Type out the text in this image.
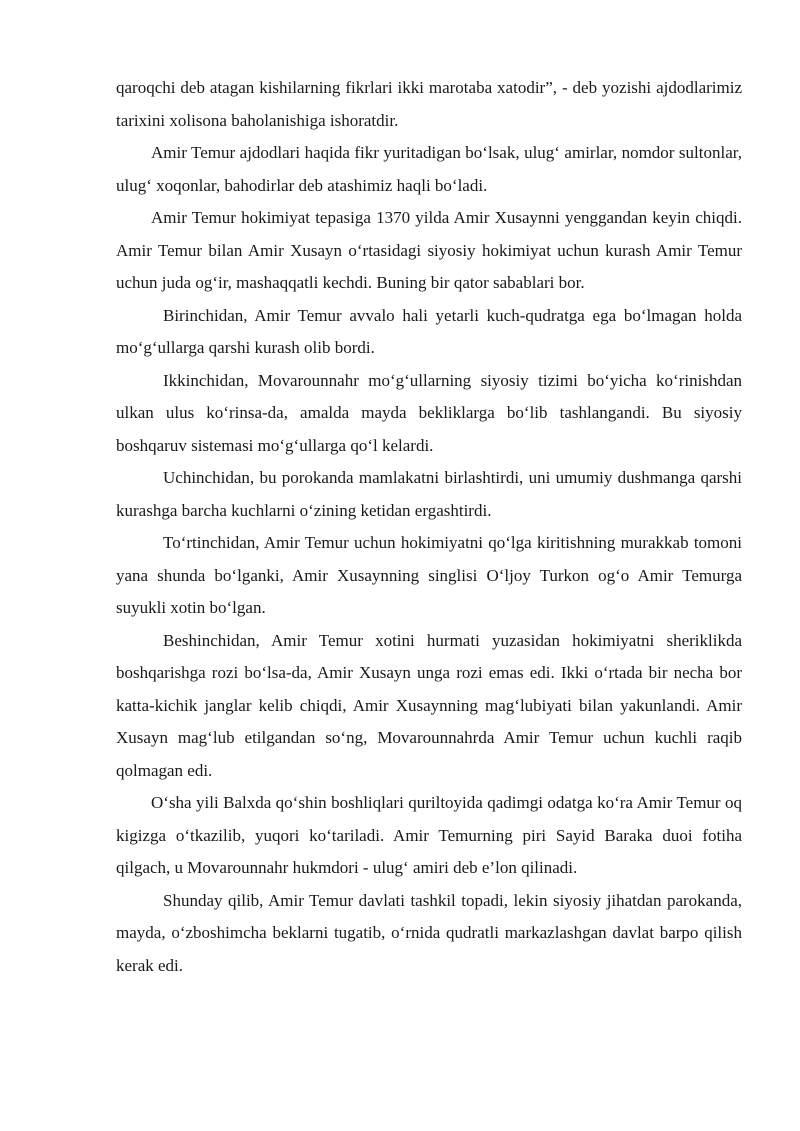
qaroqchi deb atagan kishilarning fikrlari ikki marotaba xatodir”, - deb yozishi ajdodlarimiz tarixini xolisona baholanishiga ishoratdir.

Amir Temur ajdodlari haqida fikr yuritadigan bo‘lsak, ulug‘ amirlar, nomdor sultonlar, ulug‘ xoqonlar, bahodirlar deb atashimiz haqli bo‘ladi.

Amir Temur hokimiyat tepasiga 1370 yilda Amir Xusaynni yenggandan keyin chiqdi. Amir Temur bilan Amir Xusayn o‘rtasidagi siyosiy hokimiyat uchun kurash Amir Temur uchun juda og‘ir, mashaqqatli kechdi. Buning bir qator sabablari bor.

Birinchidan, Amir Temur avvalo hali yetarli kuch-qudratga ega bo‘lmagan holda mo‘g‘ullarga qarshi kurash olib bordi.

Ikkinchidan, Movarounnahr mo‘g‘ullarning siyosiy tizimi bo‘yicha ko‘rinishdan ulkan ulus ko‘rinsa-da, amalda mayda bekliklarga bo‘lib tashlangandi. Bu siyosiy boshqaruv sistemasi mo‘g‘ullarga qo‘l kelardi.

Uchinchidan, bu porokanda mamlakatni birlashtirdi, uni umumiy dushmanga qarshi kurashga barcha kuchlarni o‘zining ketidan ergashtirdi.

To‘rtinchidan, Amir Temur uchun hokimiyatni qo‘lga kiritishning murakkab tomoni yana shunda bo‘lganki, Amir Xusaynning singlisi O‘ljoy Turkon og‘o Amir Temurga suyukli xotin bo‘lgan.

Beshinchidan, Amir Temur xotini hurmati yuzasidan hokimiyatni sheriklikda boshqarishga rozi bo‘lsa-da, Amir Xusayn unga rozi emas edi. Ikki o‘rtada bir necha bor katta-kichik janglar kelib chiqdi, Amir Xusaynning mag‘lubiyati bilan yakunlandi. Amir Xusayn mag‘lub etilgandan so‘ng, Movarounnahrda Amir Temur uchun kuchli raqib qolmagan edi.

O‘sha yili Balxda qo‘shin boshliqlari quriltoyida qadimgi odatga ko‘ra Amir Temur oq kigizga o‘tkazilib, yuqori ko‘tariladi. Amir Temurning piri Sayid Baraka duoi fotiha qilgach, u Movarounnahr hukmdori - ulug‘ amiri deb e’lon qilinadi.

Shunday qilib, Amir Temur davlati tashkil topadi, lekin siyosiy jihatdan parokanda, mayda, o‘zboshimcha beklarni tugatib, o‘rnida qudratli markazlashgan davlat barpo qilish kerak edi.
